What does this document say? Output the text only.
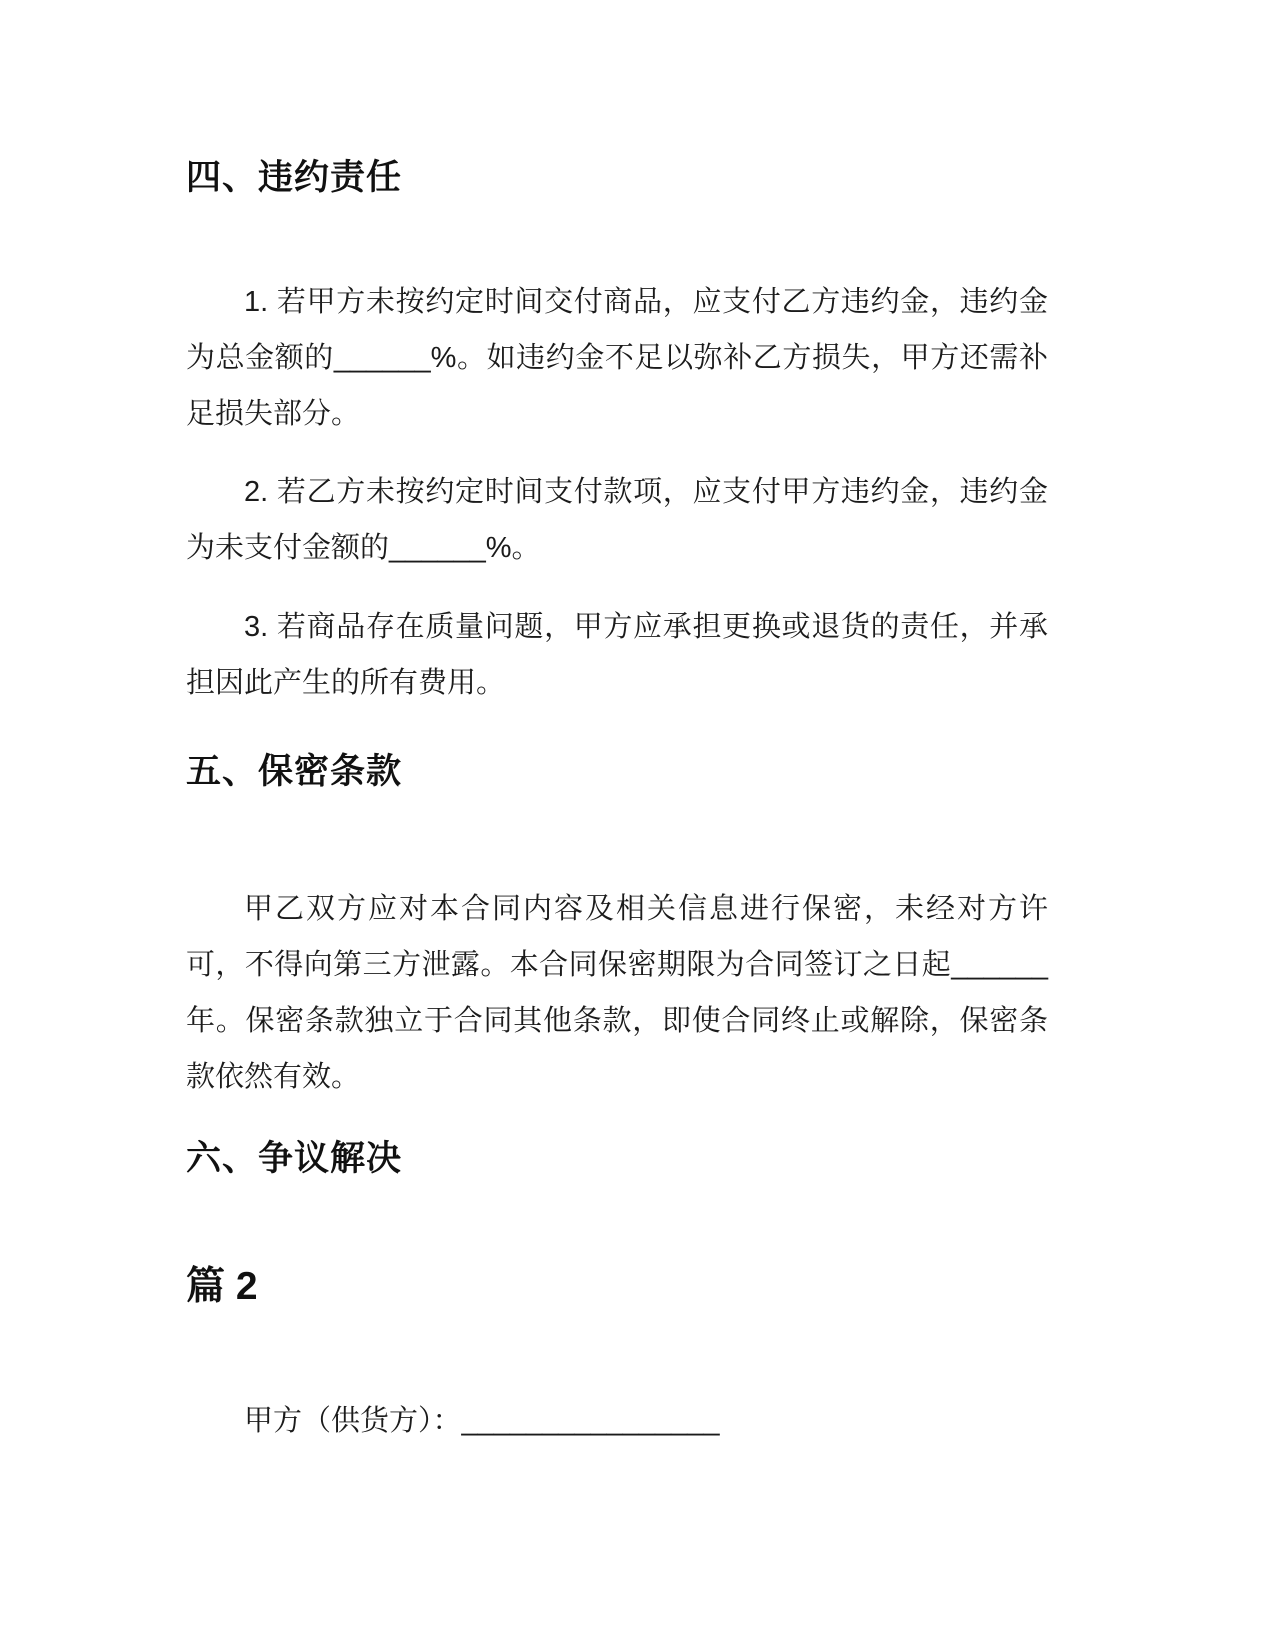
四、违约责任

1. 若甲方未按约定时间交付商品，应支付乙方违约金，违约金为总金额的______%。如违约金不足以弥补乙方损失，甲方还需补足损失部分。

2. 若乙方未按约定时间支付款项，应支付甲方违约金，违约金为未支付金额的______%。

3. 若商品存在质量问题，甲方应承担更换或退货的责任，并承担因此产生的所有费用。

五、保密条款

甲乙双方应对本合同内容及相关信息进行保密，未经对方许可，不得向第三方泄露。本合同保密期限为合同签订之日起______年。保密条款独立于合同其他条款，即使合同终止或解除，保密条款依然有效。

六、争议解决
篇 2

甲方（供货方）：________________
